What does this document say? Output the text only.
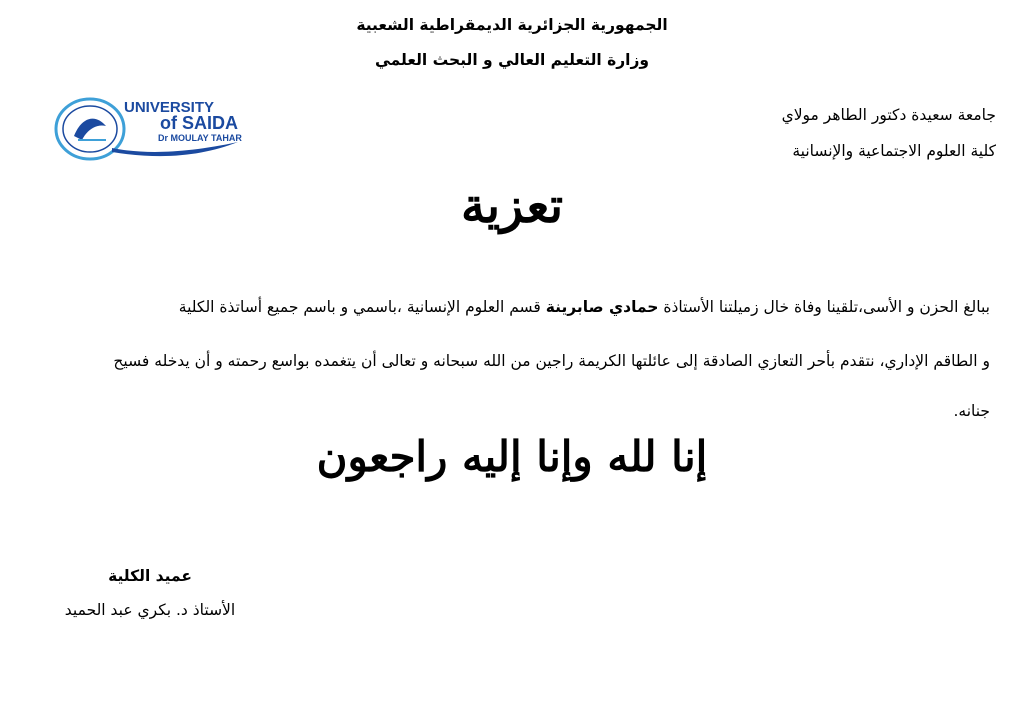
الجمهورية الجزائرية الديمقراطية الشعبية
وزارة التعليم العالي و البحث العلمي
جامعة سعيدة دكتور الطاهر مولاي
كلية العلوم الاجتماعية والإنسانية
UNIVERSITY
of SAIDA
Dr MOULAY TAHAR
تعزية
ببالغ الحزن و الأسى،تلقينا وفاة خال زميلتنا الأستاذة حمادي صابرينة قسم العلوم الإنسانية ،باسمي و باسم جميع أساتذة الكلية
و الطاقم الإداري، نتقدم بأحر التعازي الصادقة إلى عائلتها الكريمة راجين من الله سبحانه و تعالى أن يتغمده بواسع رحمته و أن يدخله فسيح
جنانه.
إنا لله وإنا إليه راجعون
عميد الكلية
الأستاذ د. بكري عبد الحميد
